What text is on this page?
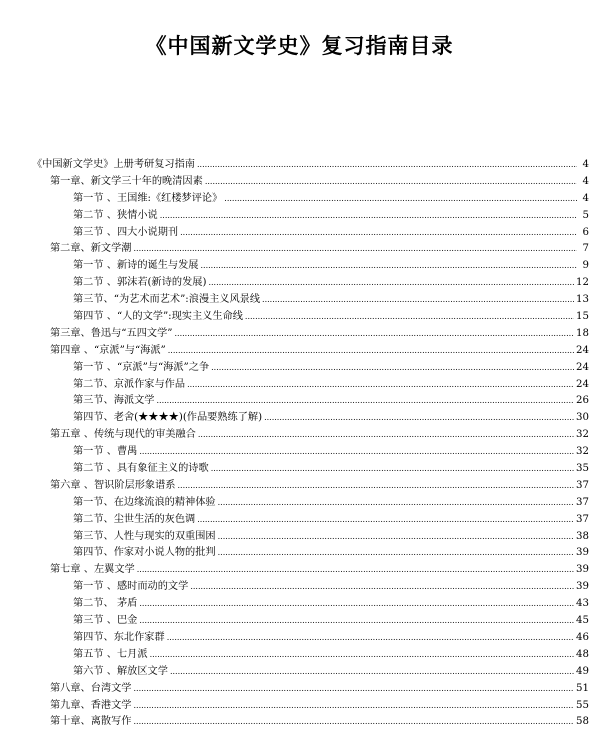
《中国新文学史》复习指南目录
《中国新文学史》上册考研复习指南 .....	4
第一章、新文学三十年的晚清因素 .....	4
第一节 、王国维:《红楼梦评论》 .....	4
第二节 、狭情小说 .....	5
第三节 、四大小说期刊 .....	6
第二章、新文学潮 .....	7
第一节 、新诗的诞生与发展 .....	9
第二节 、郭沫若(新诗的发展) .....	12
第三节、“为艺术而艺术”:浪漫主义风景线 .....	13
第四节 、“人的文学”:现实主义生命线 .....	15
第三章、鲁迅与“五四文学” .....	18
第四章 、“京派”与“海派” .....	24
第一节 、“京派”与“海派”之争 .....	24
第二节、京派作家与作品 .....	24
第三节、海派文学 .....	26
第四节、老舍(★★★★)(作品要熟练了解) .....	30
第五章 、传统与现代的审美融合 .....	32
第一节 、曹禺 .....	32
第二节 、具有象征主义的诗歌 .....	35
第六章 、智识阶层形象谱系 .....	37
第一节、在边缘流浪的精神体验 .....	37
第二节、尘世生活的灰色调 .....	37
第三节、人性与现实的双重围困 .....	38
第四节、作家对小说人物的批判 .....	39
第七章 、左翼文学 .....	39
第一节 、感时而动的文学 .....	39
第二节、 茅盾 .....	43
第三节 、巴金 .....	45
第四节、东北作家群 .....	46
第五节 、七月派 .....	48
第六节 、解放区文学 .....	49
第八章、台湾文学 .....	51
第九章、香港文学 .....	55
第十章、离散写作 .....	58
